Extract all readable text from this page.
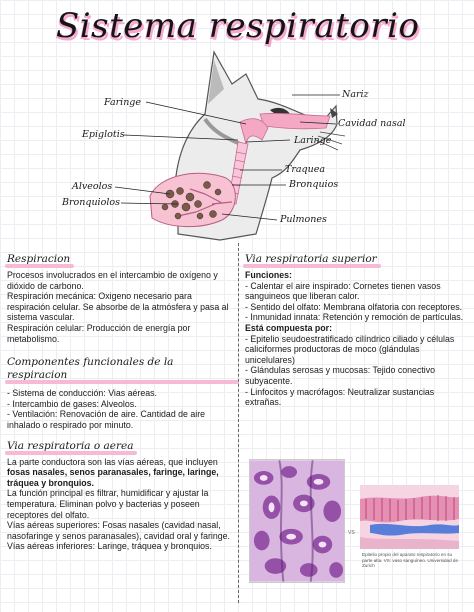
Sistema respiratorio
Faringe
Epiglotis
Alveolos
Bronquiolos
Nariz
Cavidad nasal
Laringe
Traquea
Bronquios
Pulmones
Respiracion
Procesos involucrados en el intercambio de oxígeno y dióxido de carbono.
Respiración mecánica: Oxigeno necesario para respiración celular. Se absorbe de la atmósfera y pasa al sistema vascular.
Respiración celular: Producción de energía por metabolismo.
Componentes funcionales de la
respiracion
- Sistema de conducción: Vias aéreas.
- Intercambio de gases: Alveolos.
- Ventilación: Renovación de aire. Cantidad de aire inhalado o respirado por minuto.
Via respiratoria o aerea
La parte conductora son las vías aéreas, que incluyen fosas nasales, senos paranasales, faringe, laringe, tráquea y bronquios.
La función principal es filtrar, humidificar y ajustar la temperatura. Eliminan polvo y bacterias y poseen receptores del olfato.
Vías aéreas superiores: Fosas nasales (cavidad nasal, nasofaringe y senos paranasales), cavidad oral y faringe.
Vías aéreas inferiores: Laringe, tráquea y bronquios.
Via respiratoria superior
Funciones:
- Calentar el aire inspirado: Cornetes tienen vasos sanguineos que liberan calor.
- Sentido del olfato: Membrana olfatoria con receptores.
- Inmunidad innata: Retención y remoción de partículas.
Está compuesta por:
- Epitelio seudoestratificado cilíndrico ciliado y células caliciformes productoras de moco (glándulas unicelulares)
- Glándulas serosas y mucosas: Tejido conectivo subyacente.
- Linfocitos y macrófagos: Neutralizar sustancias extrañas.
VS
Epitelio propio del aparato respiratorio en su parte alta. VS: vaso sanguíneo. Universidad de Zurich
